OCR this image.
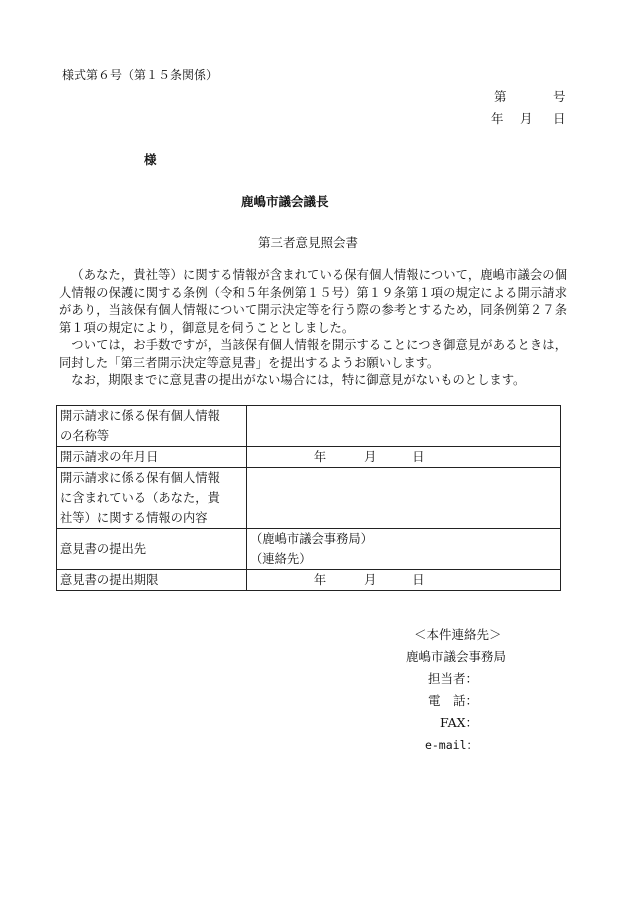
様式第６号（第１５条関係）
第	号
年 月 日
様
鹿嶋市議会議長
第三者意見照会書
（あなた，貴社等）に関する情報が含まれている保有個人情報について，鹿嶋市議会の個人情報の保護に関する条例（令和５年条例第１５号）第１９条第１項の規定による開示請求があり，当該保有個人情報について開示決定等を行う際の参考とするため，同条例第２７条第１項の規定により，御意見を伺うこととしました。
ついては，お手数ですが，当該保有個人情報を開示することにつき御意見があるときは，同封した「第三者開示決定等意見書」を提出するようお願いします。
なお，期限までに意見書の提出がない場合には，特に御意見がないものとします。
開示請求に係る保有個人情報
の名称等	

開示請求の年月日	年 月 日

開示請求に係る保有個人情報
に含まれている（あなた，貴
社等）に関する情報の内容	

意見書の提出先	（鹿嶋市議会事務局）
（連絡先）

意見書の提出期限	年 月 日
＜本件連絡先＞
鹿嶋市議会事務局
担当者：
電　話：
FAX：
e-mail：
